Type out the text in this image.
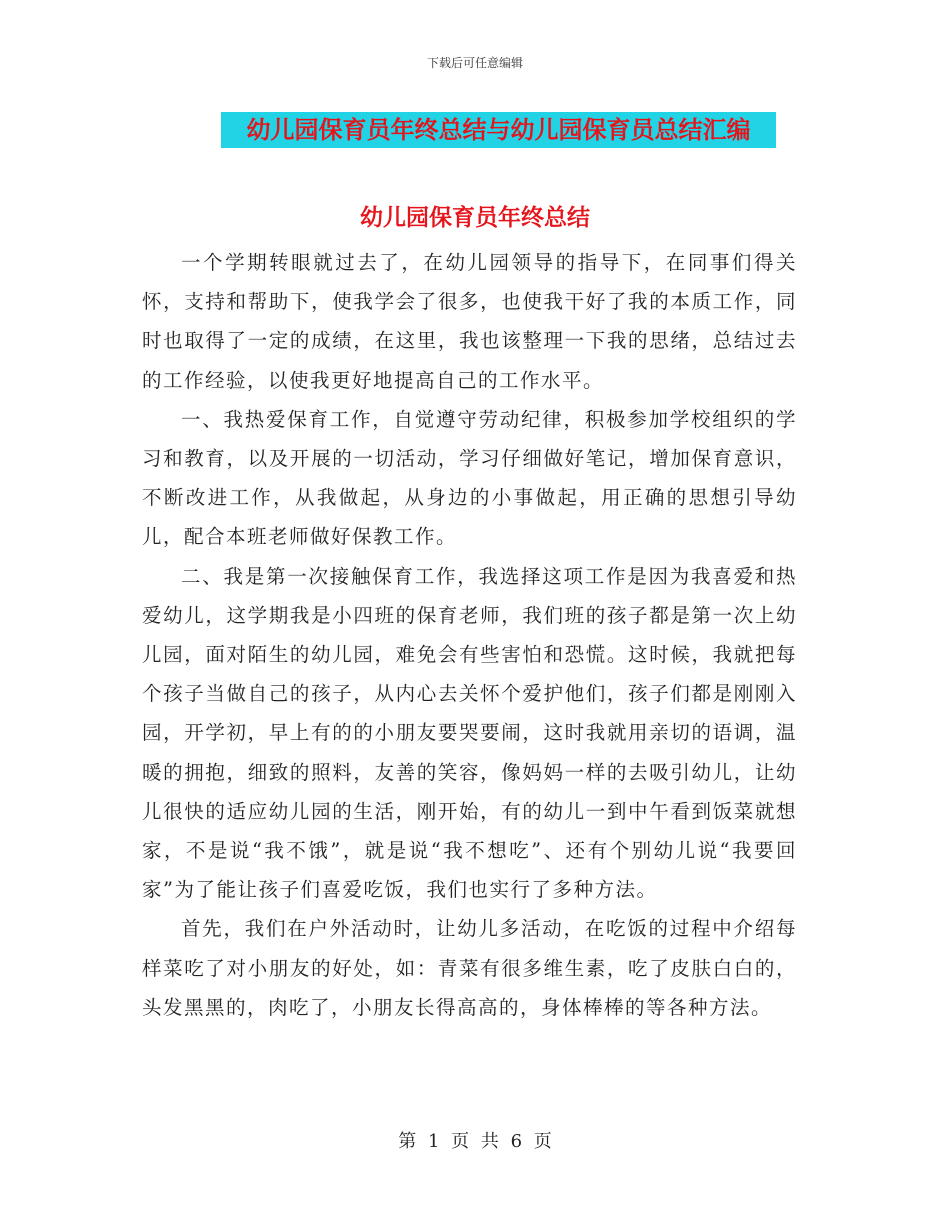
下载后可任意编辑
幼儿园保育员年终总结与幼儿园保育员总结汇编
幼儿园保育员年终总结

一个学期转眼就过去了，在幼儿园领导的指导下，在同事们得关怀，支持和帮助下，使我学会了很多，也使我干好了我的本质工作，同时也取得了一定的成绩，在这里，我也该整理一下我的思绪，总结过去的工作经验，以使我更好地提高自己的工作水平。

一、我热爱保育工作，自觉遵守劳动纪律，积极参加学校组织的学习和教育，以及开展的一切活动，学习仔细做好笔记，增加保育意识，不断改进工作，从我做起，从身边的小事做起，用正确的思想引导幼儿，配合本班老师做好保教工作。

二、我是第一次接触保育工作，我选择这项工作是因为我喜爱和热爱幼儿，这学期我是小四班的保育老师，我们班的孩子都是第一次上幼儿园，面对陌生的幼儿园，难免会有些害怕和恐慌。这时候，我就把每个孩子当做自己的孩子，从内心去关怀个爱护他们，孩子们都是刚刚入园，开学初，早上有的的小朋友要哭要闹，这时我就用亲切的语调，温暖的拥抱，细致的照料，友善的笑容，像妈妈一样的去吸引幼儿，让幼儿很快的适应幼儿园的生活，刚开始，有的幼儿一到中午看到饭菜就想家，不是说“我不饿”，就是说“我不想吃”、还有个别幼儿说“我要回家”为了能让孩子们喜爱吃饭，我们也实行了多种方法。

首先，我们在户外活动时，让幼儿多活动，在吃饭的过程中介绍每样菜吃了对小朋友的好处，如：青菜有很多维生素，吃了皮肤白白的，头发黑黑的，肉吃了，小朋友长得高高的，身体棒棒的等各种方法。

第 1 页 共 6 页
